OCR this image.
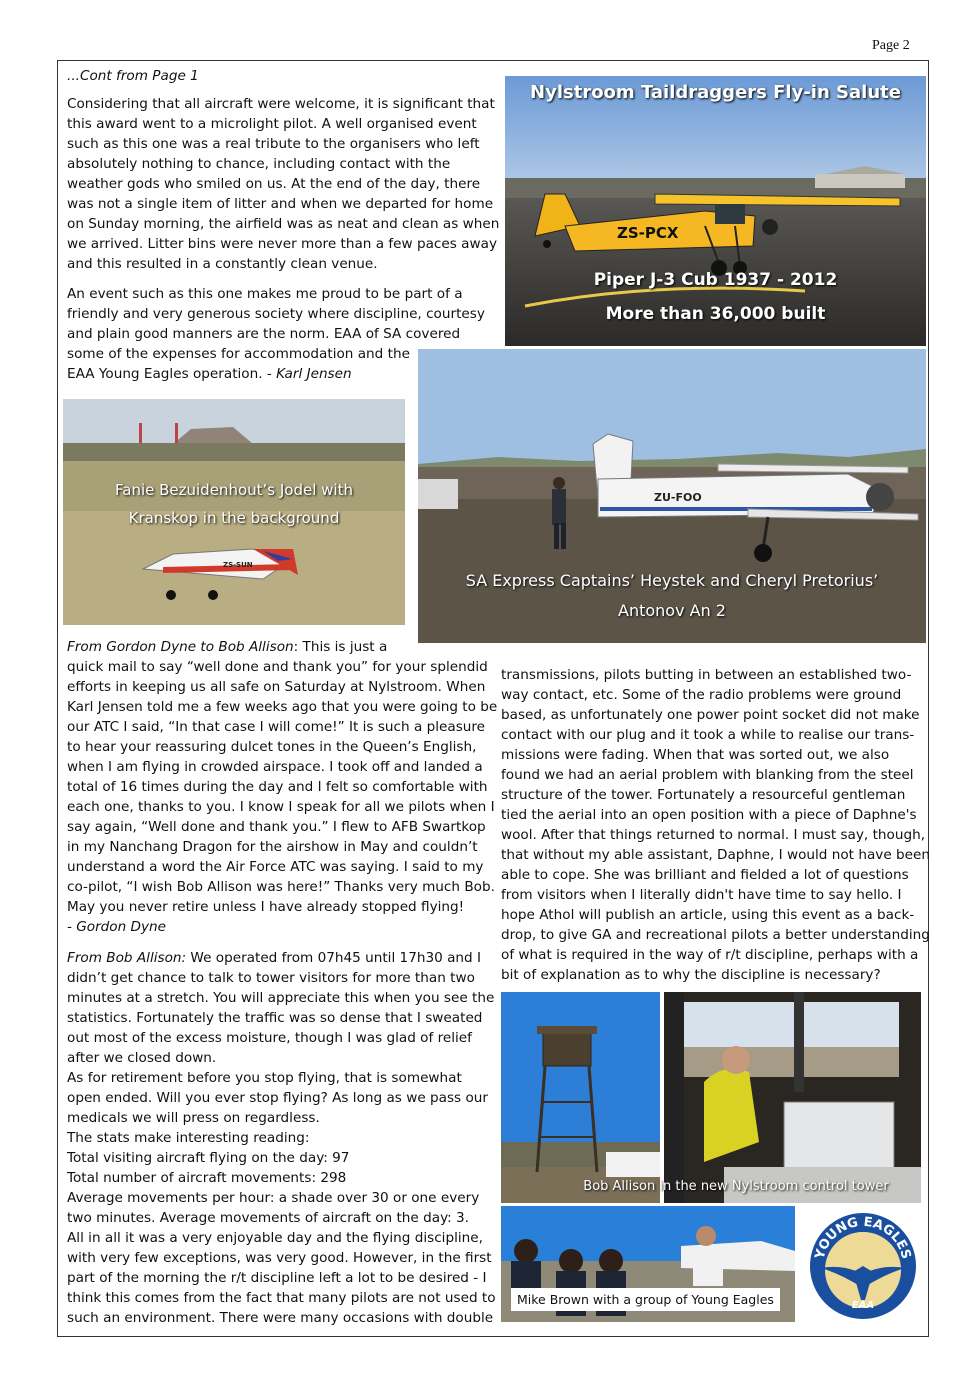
Page 2

...Cont from Page 1

Considering that all aircraft were welcome, it is significant that
this award went to a microlight pilot. A well organised event
such as this one was a real tribute to the organisers who left
absolutely nothing to chance, including contact with the
weather gods who smiled on us. At the end of the day, there
was not a single item of litter and when we departed for home
on Sunday morning, the airfield was as neat and clean as when
we arrived. Litter bins were never more than a few paces away
and this resulted in a constantly clean venue.
An event such as this one makes me proud to be part of a
friendly and very generous society where discipline, courtesy
and plain good manners are the norm. EAA of SA covered
some of the expenses for accommodation and the
EAA Young Eagles operation. - Karl Jensen
From Gordon Dyne to Bob Allison: This is just a
quick mail to say “well done and thank you” for your splendid
efforts in keeping us all safe on Saturday at Nylstroom. When
Karl Jensen told me a few weeks ago that you were going to be
our ATC I said, “In that case I will come!” It is such a pleasure
to hear your reassuring dulcet tones in the Queen’s English,
when I am flying in crowded airspace. I took off and landed a
total of 16 times during the day and I felt so comfortable with
each one, thanks to you. I know I speak for all we pilots when I
say again, “Well done and thank you.” I flew to AFB Swartkop
in my Nanchang Dragon for the airshow in May and couldn’t
understand a word the Air Force ATC was saying. I said to my
co-pilot, “I wish Bob Allison was here!” Thanks very much Bob.
May you never retire unless I have already stopped flying!
- Gordon Dyne
From Bob Allison: We operated from 07h45 until 17h30 and I
didn’t get chance to talk to tower visitors for more than two
minutes at a stretch. You will appreciate this when you see the
statistics. Fortunately the traffic was so dense that I sweated
out most of the excess moisture, though I was glad of relief
after we closed down.
As for retirement before you stop flying, that is somewhat
open ended. Will you ever stop flying? As long as we pass our
medicals we will press on regardless.
The stats make interesting reading:
Total visiting aircraft flying on the day: 97
Total number of aircraft movements: 298
Average movements per hour: a shade over 30 or one every
two minutes. Average movements of aircraft on the day: 3.
All in all it was a very enjoyable day and the flying discipline,
with very few exceptions, was very good. However, in the first
part of the morning the r/t discipline left a lot to be desired - I
think this comes from the fact that many pilots are not used to
such an environment. There were many occasions with double
transmissions, pilots butting in between an established two-
way contact, etc. Some of the radio problems were ground
based, as unfortunately one power point socket did not make
contact with our plug and it took a while to realise our trans-
missions were fading. When that was sorted out, we also
found we had an aerial problem with blanking from the steel
structure of the tower. Fortunately a resourceful gentleman
tied the aerial into an open position with a piece of Daphne's
wool. After that things returned to normal. I must say, though,
that without my able assistant, Daphne, I would not have been
able to cope. She was brilliant and fielded a lot of questions
from visitors when I literally didn't have time to say hello. I
hope Athol will publish an article, using this event as a back-
drop, to give GA and recreational pilots a better understanding
of what is required in the way of r/t discipline, perhaps with a
bit of explanation as to why the discipline is necessary?
ZS-PCX
Nylstroom Taildraggers Fly-in Salute
Piper J-3 Cub 1937 - 2012
More than 36,000 built
ZU-FOO
SA Express Captains’ Heystek and Cheryl Pretorius’
Antonov An 2
ZS-SUN
Fanie Bezuidenhout’s Jodel with
Kranskop in the background
Bob Allison in the new Nylstroom control tower
Mike Brown with a group of Young Eagles
YOUNG EAGLES
EAA
